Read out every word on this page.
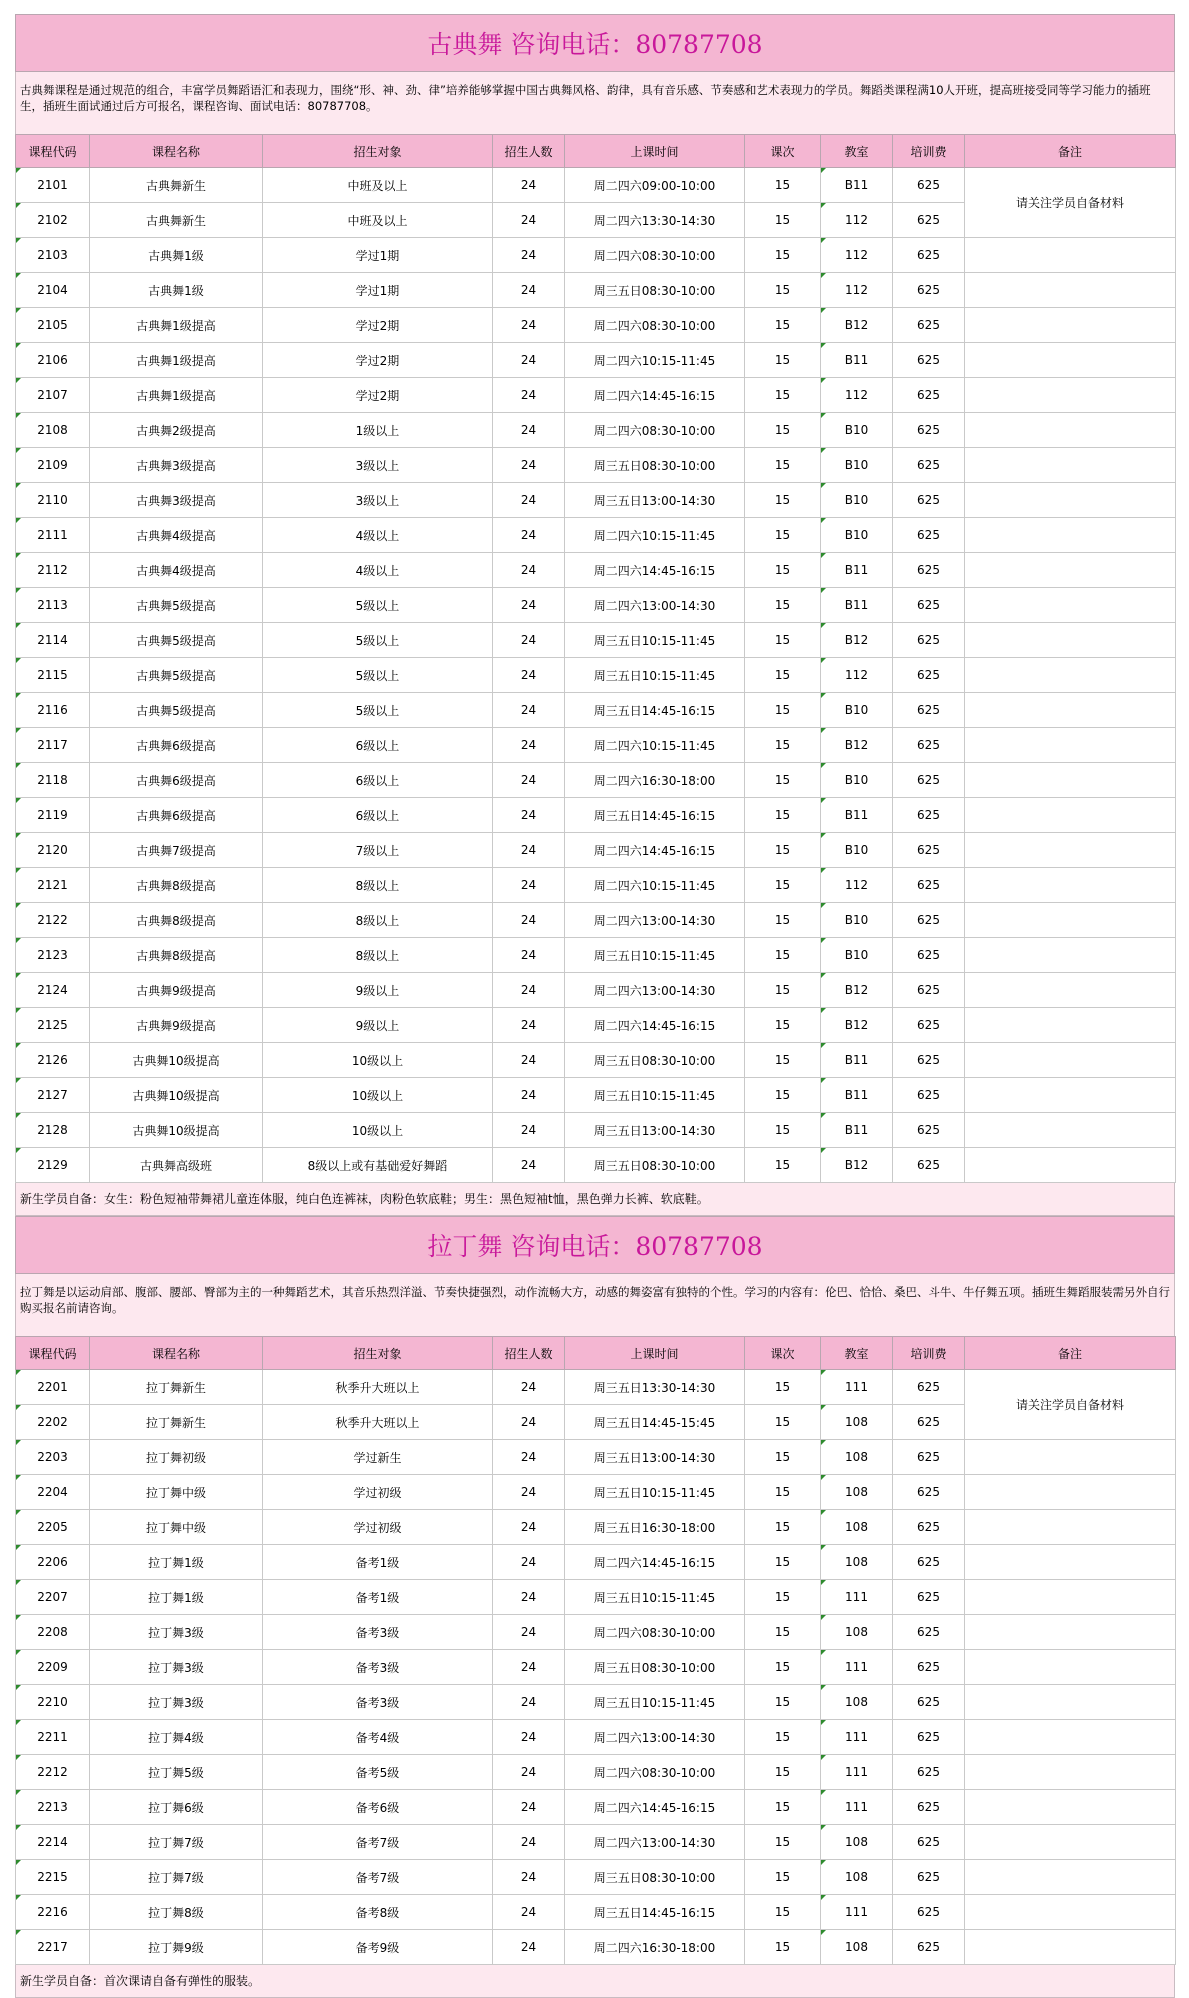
古典舞 咨询电话：80787708
古典舞课程是通过规范的组合，丰富学员舞蹈语汇和表现力，围绕“形、神、劲、律”培养能够掌握中国古典舞风格、韵律，具有音乐感、节奏感和艺术表现力的学员。舞蹈类课程满10人开班，提高班接受同等学习能力的插班生，插班生面试通过后方可报名，课程咨询、面试电话：80787708。
课程代码	课程名称	招生对象	招生人数	上课时间	课次	教室	培训费	备注
2101	古典舞新生	中班及以上	24	周二四六09:00-10:00	15	B11	625	请关注学员自备材料
2102	古典舞新生	中班及以上	24	周二四六13:30-14:30	15	112	625	
2103	古典舞1级	学过1期	24	周二四六08:30-10:00	15	112	625	
2104	古典舞1级	学过1期	24	周三五日08:30-10:00	15	112	625	
2105	古典舞1级提高	学过2期	24	周二四六08:30-10:00	15	B12	625	
2106	古典舞1级提高	学过2期	24	周二四六10:15-11:45	15	B11	625	
2107	古典舞1级提高	学过2期	24	周二四六14:45-16:15	15	112	625	
2108	古典舞2级提高	1级以上	24	周二四六08:30-10:00	15	B10	625	
2109	古典舞3级提高	3级以上	24	周三五日08:30-10:00	15	B10	625	
2110	古典舞3级提高	3级以上	24	周三五日13:00-14:30	15	B10	625	
2111	古典舞4级提高	4级以上	24	周二四六10:15-11:45	15	B10	625	
2112	古典舞4级提高	4级以上	24	周二四六14:45-16:15	15	B11	625	
2113	古典舞5级提高	5级以上	24	周二四六13:00-14:30	15	B11	625	
2114	古典舞5级提高	5级以上	24	周三五日10:15-11:45	15	B12	625	
2115	古典舞5级提高	5级以上	24	周三五日10:15-11:45	15	112	625	
2116	古典舞5级提高	5级以上	24	周三五日14:45-16:15	15	B10	625	
2117	古典舞6级提高	6级以上	24	周二四六10:15-11:45	15	B12	625	
2118	古典舞6级提高	6级以上	24	周二四六16:30-18:00	15	B10	625	
2119	古典舞6级提高	6级以上	24	周三五日14:45-16:15	15	B11	625	
2120	古典舞7级提高	7级以上	24	周二四六14:45-16:15	15	B10	625	
2121	古典舞8级提高	8级以上	24	周二四六10:15-11:45	15	112	625	
2122	古典舞8级提高	8级以上	24	周二四六13:00-14:30	15	B10	625	
2123	古典舞8级提高	8级以上	24	周三五日10:15-11:45	15	B10	625	
2124	古典舞9级提高	9级以上	24	周二四六13:00-14:30	15	B12	625	
2125	古典舞9级提高	9级以上	24	周二四六14:45-16:15	15	B12	625	
2126	古典舞10级提高	10级以上	24	周三五日08:30-10:00	15	B11	625	
2127	古典舞10级提高	10级以上	24	周三五日10:15-11:45	15	B11	625	
2128	古典舞10级提高	10级以上	24	周三五日13:00-14:30	15	B11	625	
2129	古典舞高级班	8级以上或有基础爱好舞蹈	24	周三五日08:30-10:00	15	B12	625	
新生学员自备：女生：粉色短袖带舞裙儿童连体服，纯白色连裤袜，肉粉色软底鞋；男生：黑色短袖t恤，黑色弹力长裤、软底鞋。
拉丁舞 咨询电话：80787708
拉丁舞是以运动肩部、腹部、腰部、臀部为主的一种舞蹈艺术，其音乐热烈洋溢、节奏快捷强烈，动作流畅大方，动感的舞姿富有独特的个性。学习的内容有：伦巴、恰恰、桑巴、斗牛、牛仔舞五项。插班生舞蹈服装需另外自行购买报名前请咨询。
课程代码	课程名称	招生对象	招生人数	上课时间	课次	教室	培训费	备注
2201	拉丁舞新生	秋季升大班以上	24	周三五日13:30-14:30	15	111	625	请关注学员自备材料
2202	拉丁舞新生	秋季升大班以上	24	周三五日14:45-15:45	15	108	625	
2203	拉丁舞初级	学过新生	24	周三五日13:00-14:30	15	108	625	
2204	拉丁舞中级	学过初级	24	周三五日10:15-11:45	15	108	625	
2205	拉丁舞中级	学过初级	24	周三五日16:30-18:00	15	108	625	
2206	拉丁舞1级	备考1级	24	周二四六14:45-16:15	15	108	625	
2207	拉丁舞1级	备考1级	24	周三五日10:15-11:45	15	111	625	
2208	拉丁舞3级	备考3级	24	周二四六08:30-10:00	15	108	625	
2209	拉丁舞3级	备考3级	24	周三五日08:30-10:00	15	111	625	
2210	拉丁舞3级	备考3级	24	周三五日10:15-11:45	15	108	625	
2211	拉丁舞4级	备考4级	24	周二四六13:00-14:30	15	111	625	
2212	拉丁舞5级	备考5级	24	周二四六08:30-10:00	15	111	625	
2213	拉丁舞6级	备考6级	24	周二四六14:45-16:15	15	111	625	
2214	拉丁舞7级	备考7级	24	周二四六13:00-14:30	15	108	625	
2215	拉丁舞7级	备考7级	24	周三五日08:30-10:00	15	108	625	
2216	拉丁舞8级	备考8级	24	周三五日14:45-16:15	15	111	625	
2217	拉丁舞9级	备考9级	24	周二四六16:30-18:00	15	108	625	
新生学员自备：首次课请自备有弹性的服装。
